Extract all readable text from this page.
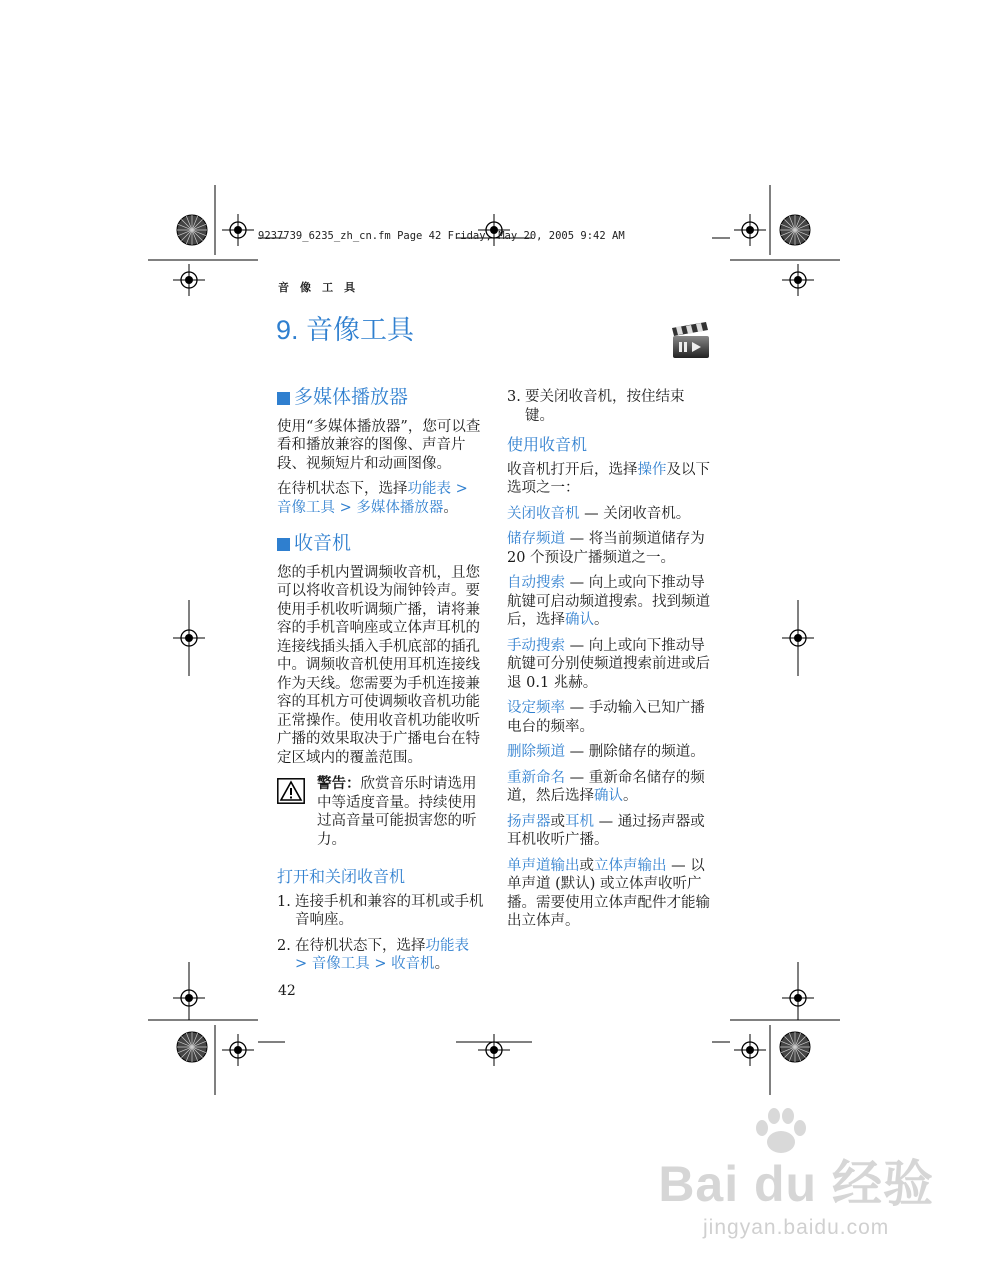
9237739_6235_zh_cn.fm Page 42 Friday, May 20, 2005 9:42 AM
音 像 工 具
9. 音像工具
多媒体播放器

使用“多媒体播放器”，您可以查看和播放兼容的图像、声音片段、视频短片和动画图像。

在待机状态下，选择功能表 > 音像工具 > 多媒体播放器。

收音机

您的手机内置调频收音机，且您可以将收音机设为闹钟铃声。要使用手机收听调频广播，请将兼容的手机音响座或立体声耳机的连接线插头插入手机底部的插孔中。调频收音机使用耳机连接线作为天线。您需要为手机连接兼容的耳机方可使调频收音机功能正常操作。使用收音机功能收听广播的效果取决于广播电台在特定区域内的覆盖范围。

警告：欣赏音乐时请选用中等适度音量。持续使用过高音量可能损害您的听力。
打开和关闭收音机
1. 连接手机和兼容的耳机或手机音响座。
2. 在待机状态下，选择功能表 > 音像工具 > 收音机。
3. 要关闭收音机，按住结束键。
使用收音机

收音机打开后，选择操作及以下选项之一：

关闭收音机 — 关闭收音机。

储存频道 — 将当前频道储存为 20 个预设广播频道之一。

自动搜索 — 向上或向下推动导航键可启动频道搜索。找到频道后，选择确认。

手动搜索 — 向上或向下推动导航键可分别使频道搜索前进或后退 0.1 兆赫。

设定频率 — 手动输入已知广播电台的频率。

删除频道 — 删除储存的频道。

重新命名 — 重新命名储存的频道，然后选择确认。

扬声器或耳机 — 通过扬声器或耳机收听广播。

单声道输出或立体声输出 — 以单声道 (默认) 或立体声收听广播。需要使用立体声配件才能输出立体声。

42
Bai du 经验
jingyan.baidu.com
